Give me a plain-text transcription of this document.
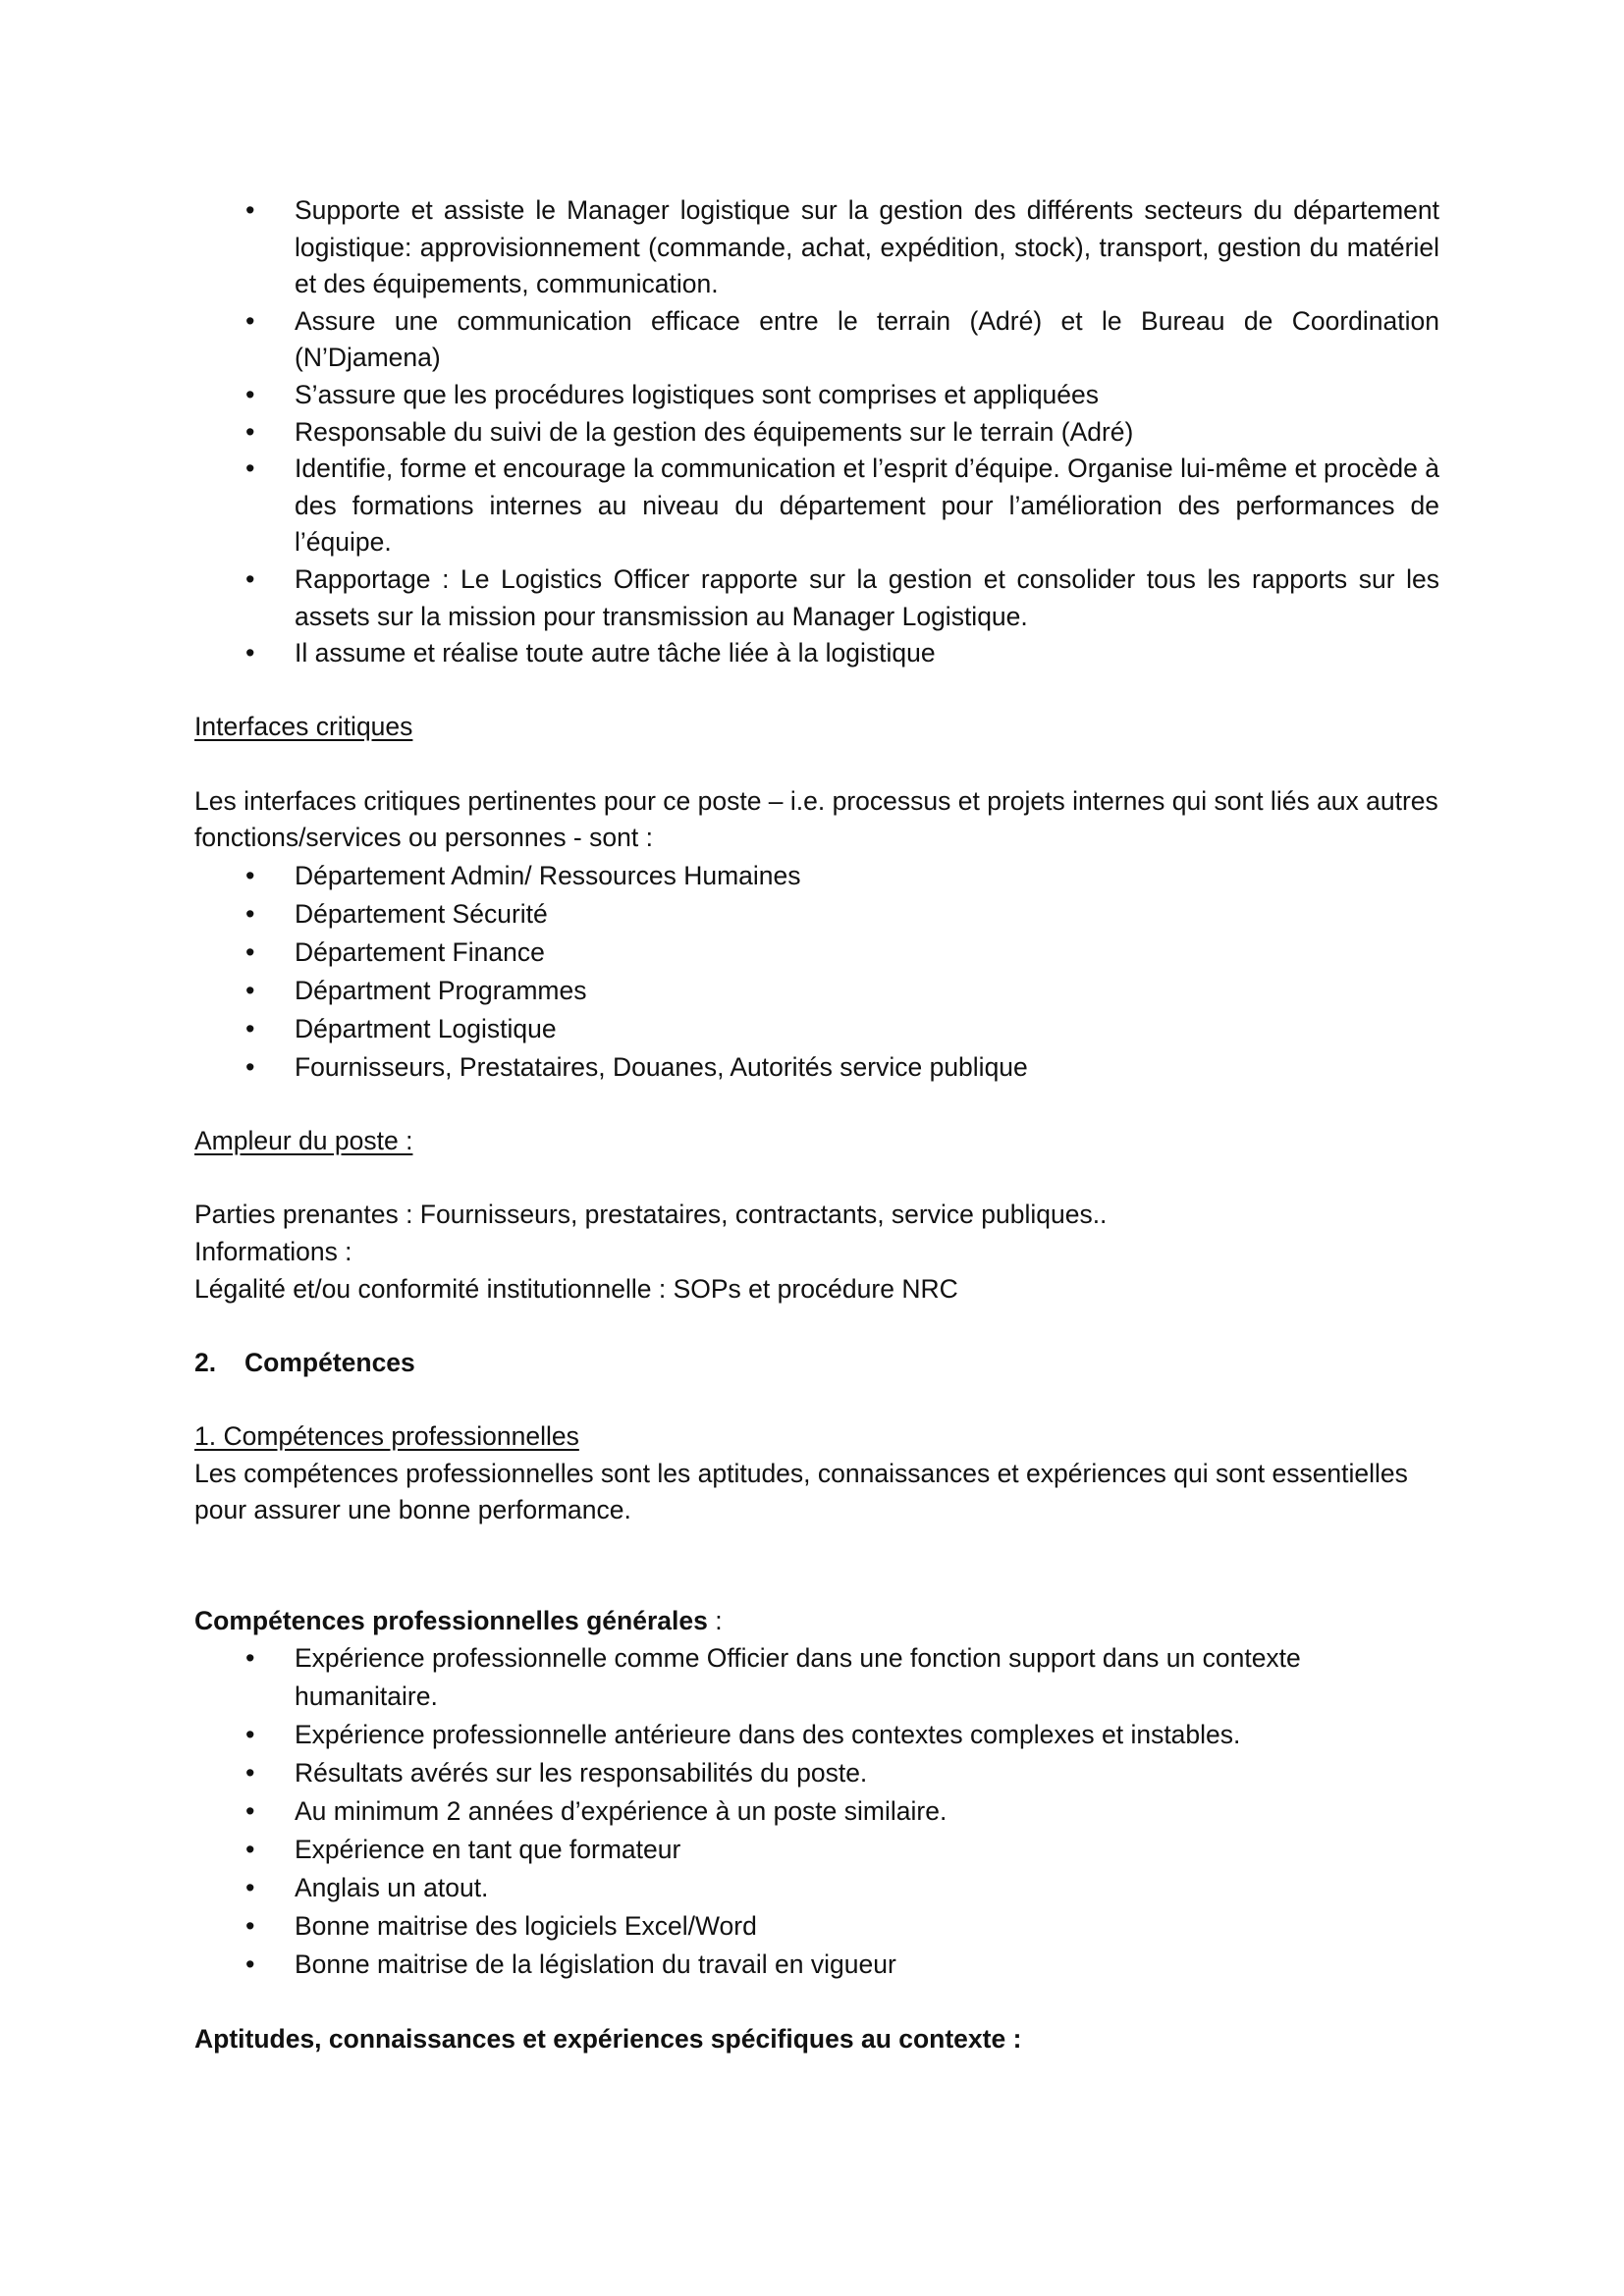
• Supporte et assiste le Manager logistique sur la gestion des différents secteurs du département logistique: approvisionnement (commande, achat, expédition, stock), transport, gestion du matériel et des équipements, communication.
• Assure une communication efficace entre le terrain (Adré) et le Bureau de Coordination (N’Djamena)
• S’assure que les procédures logistiques sont comprises et appliquées
• Responsable du suivi de la gestion des équipements sur le terrain (Adré)
• Identifie, forme et encourage la communication et l’esprit d’équipe. Organise lui-même et procède à des formations internes au niveau du département pour l’amélioration des performances de l’équipe.
• Rapportage : Le Logistics Officer rapporte sur la gestion et consolider tous les rapports sur les assets sur la mission pour transmission au Manager Logistique.
• Il assume et réalise toute autre tâche liée à la logistique

Interfaces critiques

Les interfaces critiques pertinentes pour ce poste – i.e. processus et projets internes qui sont liés aux autres fonctions/services ou personnes - sont :

• Département Admin/ Ressources Humaines
• Département Sécurité
• Département Finance
• Départment Programmes
• Départment Logistique
• Fournisseurs, Prestataires, Douanes, Autorités service publique

Ampleur du poste :

Parties prenantes : Fournisseurs, prestataires, contractants, service publiques..

Informations :

Légalité et/ou conformité institutionnelle : SOPs et procédure NRC

2.	Compétences

1. Compétences professionnelles

Les compétences professionnelles sont les aptitudes, connaissances et expériences qui sont essentielles pour assurer une bonne performance.

Compétences professionnelles générales :

• Expérience professionnelle comme Officier dans une fonction support dans un contexte humanitaire.
• Expérience professionnelle antérieure dans des contextes complexes et instables.
• Résultats avérés sur les responsabilités du poste.
• Au minimum 2 années d’expérience à un poste similaire.
• Expérience en tant que formateur
• Anglais un atout.
• Bonne maitrise des logiciels Excel/Word
• Bonne maitrise de la législation du travail en vigueur

Aptitudes, connaissances et expériences spécifiques au contexte :
